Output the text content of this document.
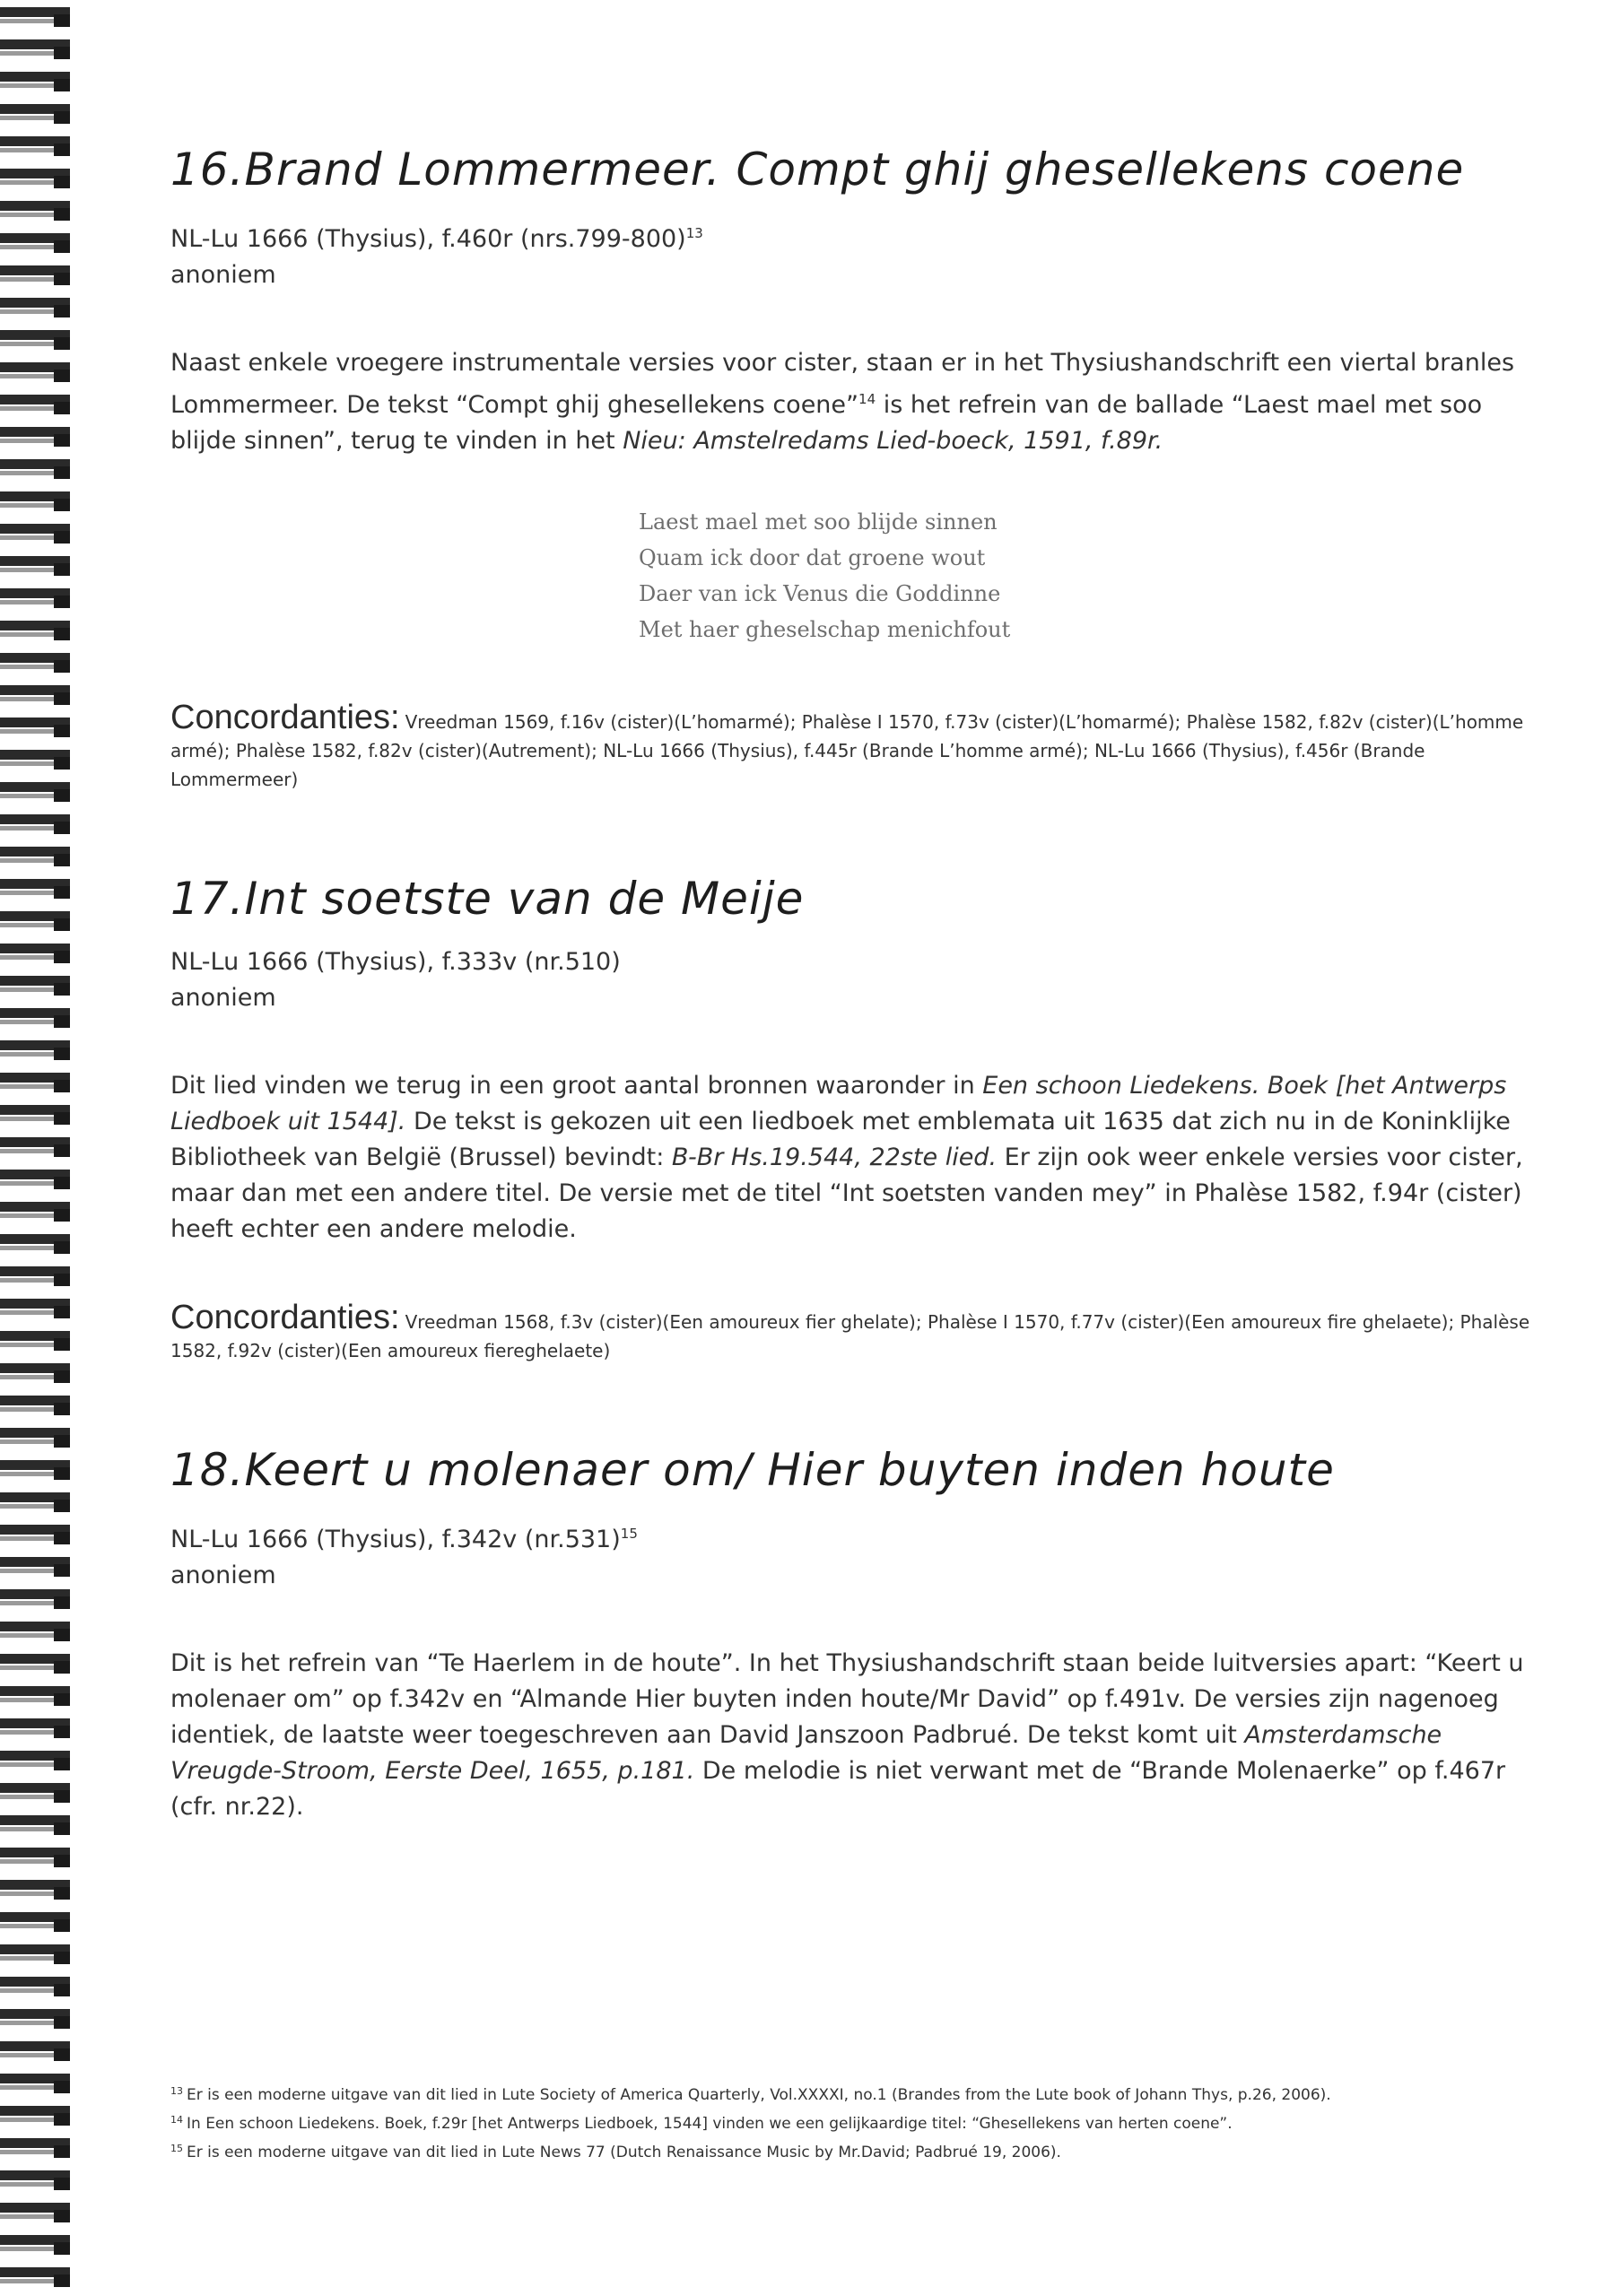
16.Brand Lommermeer. Compt ghij ghesellekens coene
NL-Lu 1666 (Thysius), f.460r $(nrs.799-800)^{13}$
anoniem
Naast enkele vroegere instrumentale versies voor cister, staan er in het Thysiushandschrift een viertal branles Lommermeer. De tekst “Compt ghij ghesellekens coene”$^{14}$ is het refrein van de ballade “Laest mael met soo blijde sinnen”, terug te vinden in het Nieu: Amstelredams Lied-boeck, 1591, f.89r.
Laest mael met soo blijde sinnen
Quam ick door dat groene wout
Daer van ick Venus die Goddinne
Met haer gheselschap menichfout
Concordanties: Vreedman 1569, f.16v (cister)(L’homarmé); Phalèse I 1570, f.73v (cister)(L’homarmé); Phalèse 1582, f.82v (cister)(L’homme armé); Phalèse 1582, f.82v (cister)(Autrement); NL-Lu 1666 (Thysius), f.445r (Brande L’homme armé); NL-Lu 1666 (Thysius), f.456r (Brande Lommermeer)
17.Int soetste van de Meije
NL-Lu 1666 (Thysius), f.333v (nr.510)
anoniem
Dit lied vinden we terug in een groot aantal bronnen waaronder in Een schoon Liedekens. Boek [het Antwerps Liedboek uit 1544]. De tekst is gekozen uit een liedboek met emblemata uit 1635 dat zich nu in de Koninklijke Bibliotheek van België (Brussel) bevindt: B-Br Hs.19.544, 22ste lied. Er zijn ook weer enkele versies voor cister, maar dan met een andere titel. De versie met de titel “Int soetsten vanden mey” in Phalèse 1582, f.94r (cister) heeft echter een andere melodie.
Concordanties: Vreedman 1568, f.3v (cister)(Een amoureux fier ghelate); Phalèse I 1570, f.77v (cister)(Een amoureux fire ghelaete); Phalèse 1582, f.92v (cister)(Een amoureux fiereghelaete)
18.Keert u molenaer om/ Hier buyten inden houte
NL-Lu 1666 (Thysius), f.342v $(nr.531)^{15}$
anoniem
Dit is het refrein van “Te Haerlem in de houte”. In het Thysiushandschrift staan beide luitversies apart: “Keert u molenaer om” op f.342v en “Almande Hier buyten inden houte/Mr David” op f.491v. De versies zijn nagenoeg identiek, de laatste weer toegeschreven aan David Janszoon Padbrué. De tekst komt uit Amsterdamsche Vreugde-Stroom, Eerste Deel, 1655, p.181. De melodie is niet verwant met de “Brande Molenaerke” op f.467r (cfr. nr.22).
$^{13}$ Er is een moderne uitgave van dit lied in Lute Society of America Quarterly, Vol.XXXXI, no.1 (Brandes from the Lute book of Johann Thys, p.26, 2006).
$^{14}$ In Een schoon Liedekens. Boek, f.29r [het Antwerps Liedboek, 1544] vinden we een gelijkaardige titel: “Ghesellekens van herten coene”.
$^{15}$ Er is een moderne uitgave van dit lied in Lute News 77 (Dutch Renaissance Music by Mr.David; Padbrué 19, 2006).
